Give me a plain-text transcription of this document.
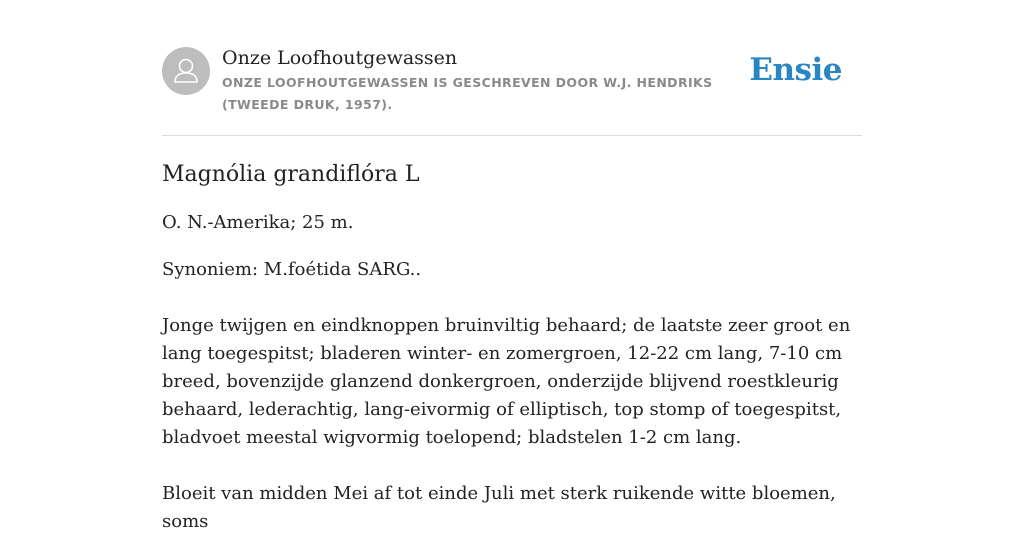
Onze Loofhoutgewassen
ONZE LOOFHOUTGEWASSEN IS GESCHREVEN DOOR W.J. HENDRIKS (TWEEDE DRUK, 1957).
Ensie
Magnólia grandiflóra L

O. N.-Amerika; 25 m.

Synoniem: M.foétida SARG..

Jonge twijgen en eindknoppen bruinviltig behaard; de laatste zeer groot en lang toegespitst; bladeren winter- en zomergroen, 12-22 cm lang, 7-10 cm breed, bovenzijde glanzend donkergroen, onderzijde blijvend roestkleurig behaard, lederachtig, lang-eivormig of elliptisch, top stomp of toegespitst, bladvoet meestal wigvormig toelopend; bladstelen 1-2 cm lang.

Bloeit van midden Mei af tot einde Juli met sterk ruikende witte bloemen, soms
